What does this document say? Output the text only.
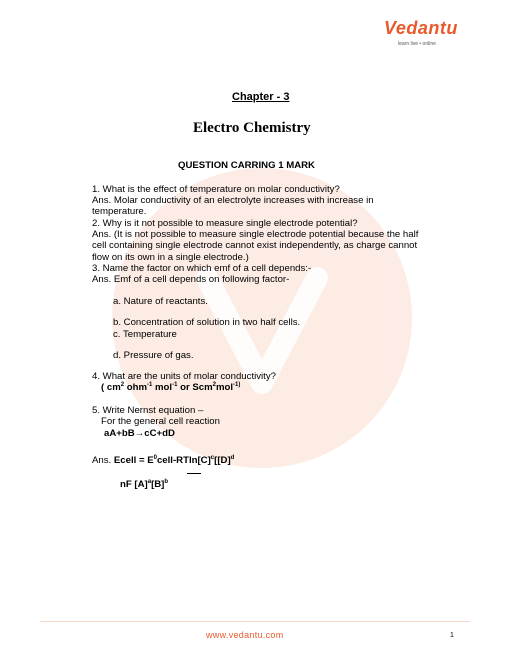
Vedantu
learn live • online
Chapter - 3
Electro Chemistry
QUESTION CARRING 1 MARK
1. What is the effect of temperature on molar conductivity?
Ans. Molar conductivity of an electrolyte increases with increase in
temperature.
2. Why is it not possible to measure single electrode potential?
Ans. (It is not possible to measure single electrode potential because the half
cell containing single electrode cannot exist independently, as charge cannot
flow on its own in a single electrode.)
3. Name the factor on which emf of a cell depends:-
Ans. Emf of a cell depends on following factor-
a. Nature of reactants.
b. Concentration of solution in two half cells.
c. Temperature
d. Pressure of gas.
4. What are the units of molar conductivity?
( $cm^2$ ohm$^{-1}$ mol$^{-1}$ or Scm$^2$mol$^{-1)}$
5. Write Nernst equation –
For the general cell reaction
aA+bB→cC+dD
Ans. Ecell = $E^0cell-RTln[C]^c[[D]^d$
nF $[A]^a[B]^b$
www.vedantu.com	1
